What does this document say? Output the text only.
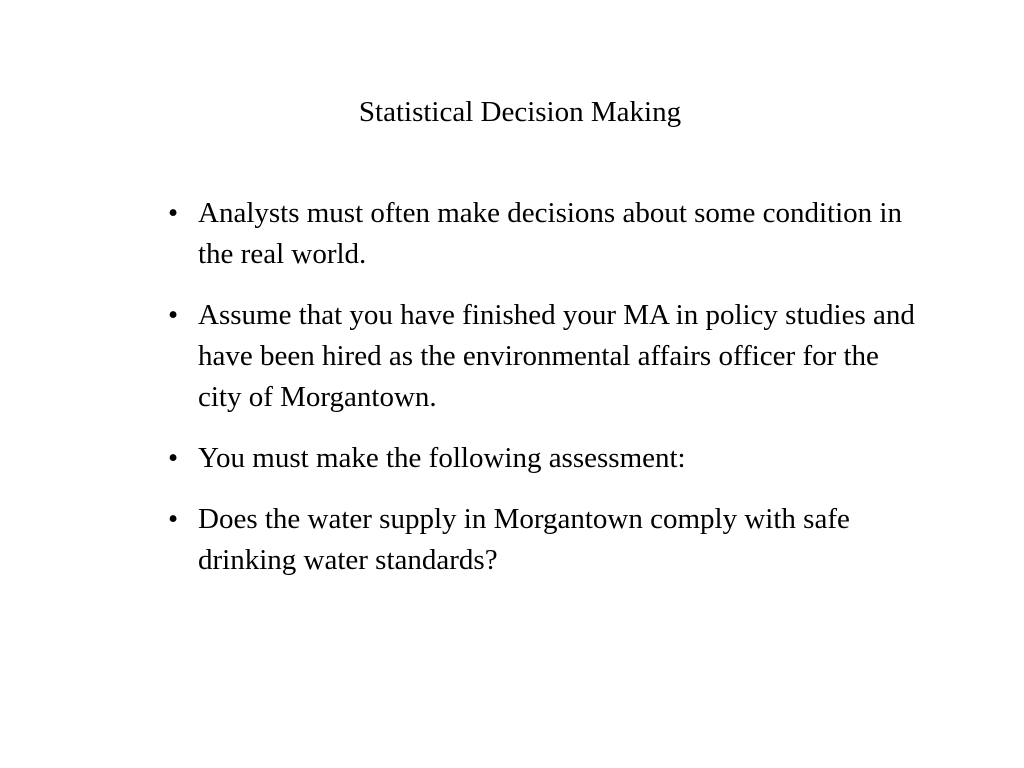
Statistical Decision Making
• Analysts must often make decisions about some condition in the real world.
• Assume that you have finished your MA in policy studies and have been hired as the environmental affairs officer for the city of Morgantown.
• You must make the following assessment:
• Does the water supply in Morgantown comply with safe drinking water standards?
